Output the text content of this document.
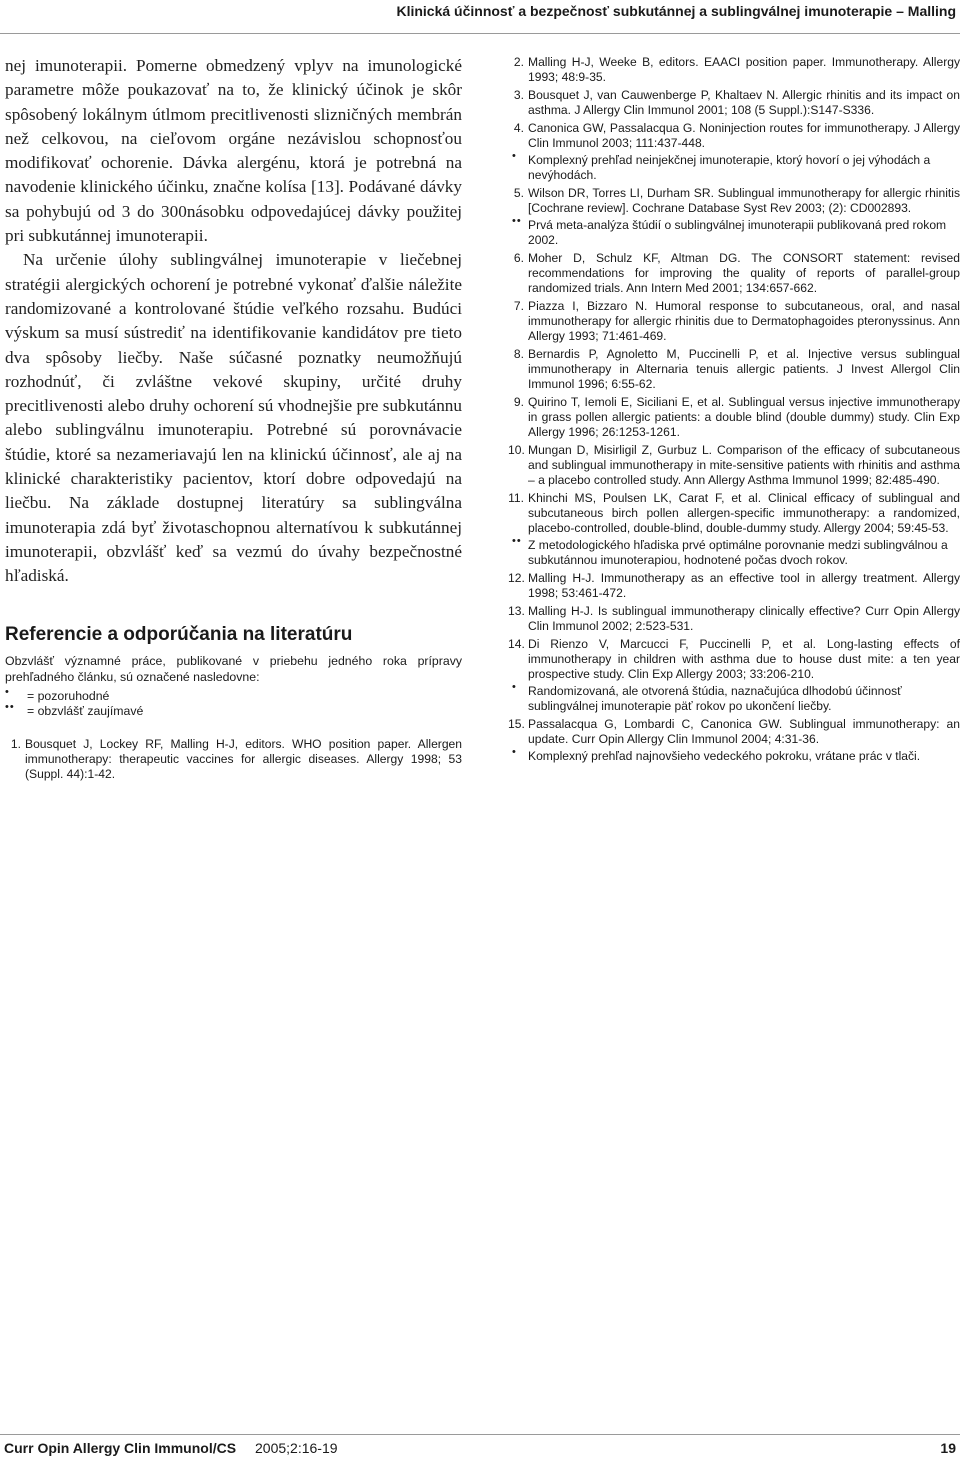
Klinická účinnosť a bezpečnosť subkutánnej a sublingválnej imunoterapie – Malling

nej imunoterapii. Pomerne obmedzený vplyv na imunologické parametre môže poukazovať na to, že klinický účinok je skôr spôsobený lokálnym útlmom precitlivenosti slizničných membrán než celkovou, na cieľovom orgáne nezávislou schopnosťou modifikovať ochorenie. Dávka alergénu, ktorá je potrebná na navodenie klinického účinku, značne kolísa [13]. Podávané dávky sa pohybujú od 3 do 300násobku odpovedajúcej dávky použitej pri subkutánnej imunoterapii.

Na určenie úlohy sublingválnej imunoterapie v liečebnej stratégii alergických ochorení je potrebné vykonať ďalšie náležite randomizované a kontrolované štúdie veľkého rozsahu. Budúci výskum sa musí sústrediť na identifikovanie kandidátov pre tieto dva spôsoby liečby. Naše súčasné poznatky neumožňujú rozhodnúť, či zvláštne vekové skupiny, určité druhy precitlivenosti alebo druhy ochorení sú vhodnejšie pre subkutánnu alebo sublingválnu imunoterapiu. Potrebné sú porovnávacie štúdie, ktoré sa nezameriavajú len na klinickú účinnosť, ale aj na klinické charakteristiky pacientov, ktorí dobre odpovedajú na liečbu. Na základe dostupnej literatúry sa sublingválna imunoterapia zdá byť životaschopnou alternatívou k subkutánnej imunoterapii, obzvlášť keď sa vezmú do úvahy bezpečnostné hľadiská.

Referencie a odporúčania na literatúru

Obzvlášť významné práce, publikované v priebehu jedného roka prípravy prehľadného článku, sú označené nasledovne:

• = pozoruhodné
•• = obzvlášť zaujímavé
1. Bousquet J, Lockey RF, Malling H-J, editors. WHO position paper. Allergen immunotherapy: therapeutic vaccines for allergic diseases. Allergy 1998; 53 (Suppl. 44):1-42.
2. Malling H-J, Weeke B, editors. EAACI position paper. Immunotherapy. Allergy 1993; 48:9-35.
3. Bousquet J, van Cauwenberge P, Khaltaev N. Allergic rhinitis and its impact on asthma. J Allergy Clin Immunol 2001; 108 (5 Suppl.):S147-S336.
4. Canonica GW, Passalacqua G. Noninjection routes for immunotherapy. J Allergy Clin Immunol 2003; 111:437-448.
• Komplexný prehľad neinjekčnej imunoterapie, ktorý hovorí o jej výhodách a nevýhodách.
5. Wilson DR, Torres LI, Durham SR. Sublingual immunotherapy for allergic rhinitis [Cochrane review]. Cochrane Database Syst Rev 2003; (2): CD002893.
•• Prvá meta-analýza štúdií o sublingválnej imunoterapii publikovaná pred rokom 2002.
6. Moher D, Schulz KF, Altman DG. The CONSORT statement: revised recommendations for improving the quality of reports of parallel-group randomized trials. Ann Intern Med 2001; 134:657-662.
7. Piazza I, Bizzaro N. Humoral response to subcutaneous, oral, and nasal immunotherapy for allergic rhinitis due to Dermatophagoides pteronyssinus. Ann Allergy 1993; 71:461-469.
8. Bernardis P, Agnoletto M, Puccinelli P, et al. Injective versus sublingual immunotherapy in Alternaria tenuis allergic patients. J Invest Allergol Clin Immunol 1996; 6:55-62.
9. Quirino T, Iemoli E, Siciliani E, et al. Sublingual versus injective immunotherapy in grass pollen allergic patients: a double blind (double dummy) study. Clin Exp Allergy 1996; 26:1253-1261.
10. Mungan D, Misirligil Z, Gurbuz L. Comparison of the efficacy of subcutaneous and sublingual immunotherapy in mite-sensitive patients with rhinitis and asthma – a placebo controlled study. Ann Allergy Asthma Immunol 1999; 82:485-490.
11. Khinchi MS, Poulsen LK, Carat F, et al. Clinical efficacy of sublingual and subcutaneous birch pollen allergen-specific immunotherapy: a randomized, placebo-controlled, double-blind, double-dummy study. Allergy 2004; 59:45-53.
•• Z metodologického hľadiska prvé optimálne porovnanie medzi sublingválnou a subkutánnou imunoterapiou, hodnotené počas dvoch rokov.
12. Malling H-J. Immunotherapy as an effective tool in allergy treatment. Allergy 1998; 53:461-472.
13. Malling H-J. Is sublingual immunotherapy clinically effective? Curr Opin Allergy Clin Immunol 2002; 2:523-531.
14. Di Rienzo V, Marcucci F, Puccinelli P, et al. Long-lasting effects of immunotherapy in children with asthma due to house dust mite: a ten year prospective study. Clin Exp Allergy 2003; 33:206-210.
• Randomizovaná, ale otvorená štúdia, naznačujúca dlhodobú účinnosť sublingválnej imunoterapie päť rokov po ukončení liečby.
15. Passalacqua G, Lombardi C, Canonica GW. Sublingual immunotherapy: an update. Curr Opin Allergy Clin Immunol 2004; 4:31-36.
• Komplexný prehľad najnovšieho vedeckého pokroku, vrátane prác v tlači.
Curr Opin Allergy Clin Immunol/CS 2005;2:16-19	19
